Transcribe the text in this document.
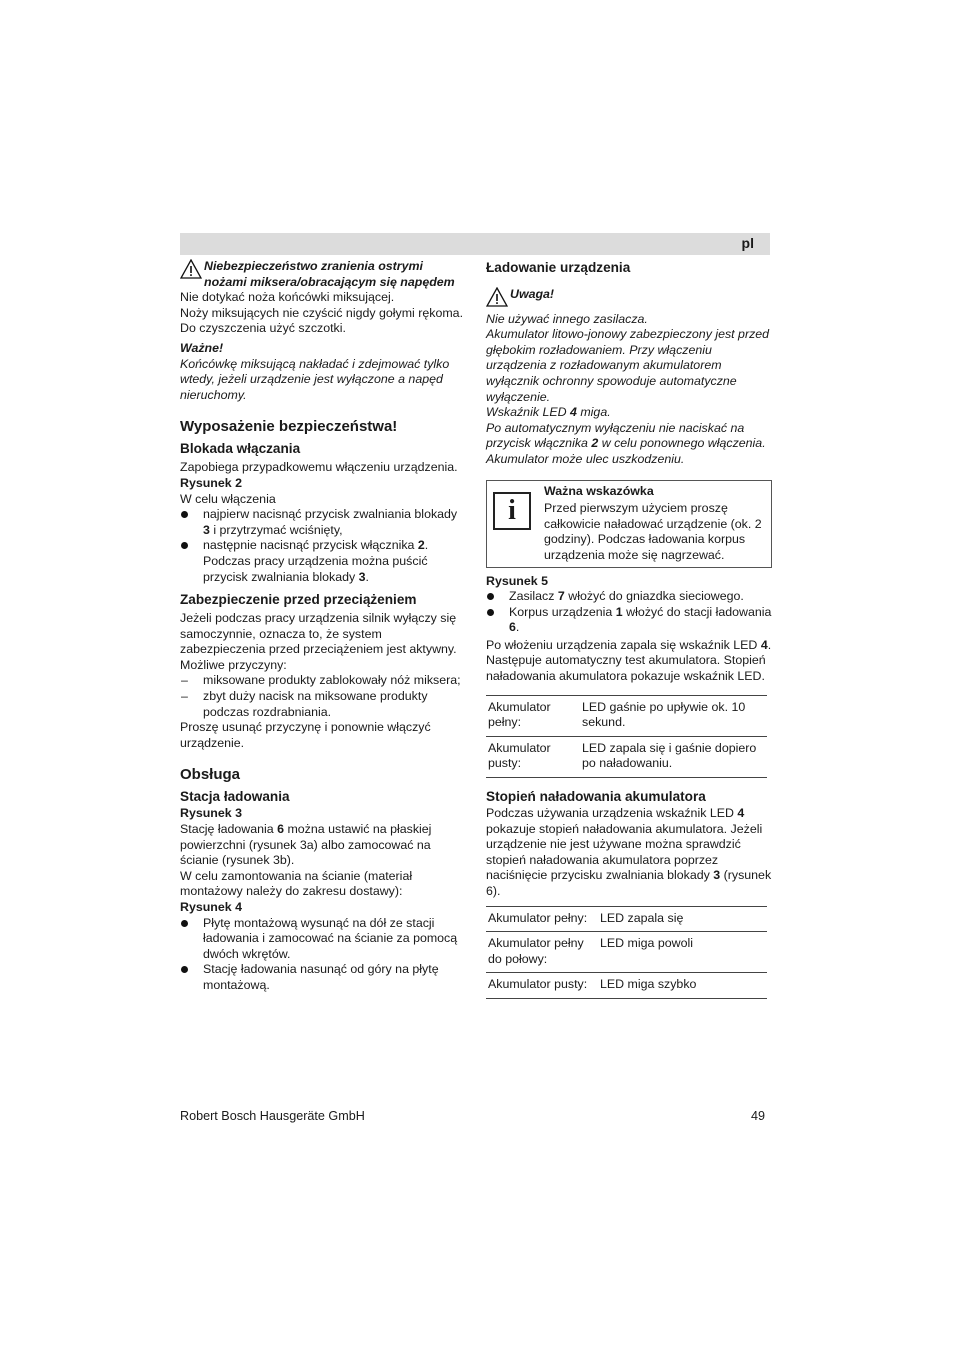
pl

Niebezpieczeństwo zranienia ostrymi nożami miksera/obracającym się napędem

Nie dotykać noża końcówki miksującej.

Noży miksujących nie czyścić nigdy gołymi rękoma. Do czyszczenia użyć szczotki.

Ważne!

Końcówkę miksującą nakładać i zdejmować tylko wtedy, jeżeli urządzenie jest wyłączone a napęd nieruchomy.

Wyposażenie bezpieczeństwa!
Blokada włączania

Zapobiega przypadkowemu włączeniu urządzenia.

Rysunek 2

W celu włączenia

najpierw nacisnąć przycisk zwalniania blokady 3 i przytrzymać wciśnięty,
następnie nacisnąć przycisk włącznika 2. Podczas pracy urządzenia można puścić przycisk zwalniania blokady 3.
Zabezpieczenie przed przeciążeniem

Jeżeli podczas pracy urządzenia silnik wyłączy się samoczynnie, oznacza to, że system zabezpieczenia przed przeciążeniem jest aktywny.

Możliwe przyczyny:

– miksowane produkty zablokowały nóż miksera;
– zbyt duży nacisk na miksowane produkty podczas rozdrabniania.

Proszę usunąć przyczynę i ponownie włączyć urządzenie.

Obsługa
Stacja ładowania

Rysunek 3

Stację ładowania 6 można ustawić na płaskiej powierzchni (rysunek 3a) albo zamocować na ścianie (rysunek 3b).

W celu zamontowania na ścianie (materiał montażowy należy do zakresu dostawy):

Rysunek 4

Płytę montażową wysunąć na dół ze stacji ładowania i zamocować na ścianie za pomocą dwóch wkrętów.
Stację ładowania nasunąć od góry na płytę montażową.
Ładowanie urządzenia

Uwaga!

Nie używać innego zasilacza.

Akumulator litowo-jonowy zabezpieczony jest przed głębokim rozładowaniem. Przy włączeniu urządzenia z rozładowanym akumulatorem wyłącznik ochronny spowoduje automatyczne wyłączenie.

Wskaźnik LED 4 miga.

Po automatycznym wyłączeniu nie naciskać na przycisk włącznika 2 w celu ponownego włączenia. Akumulator może ulec uszkodzeniu.

i

Ważna wskazówka

Przed pierwszym użyciem proszę całkowicie naładować urządzenie (ok. 2 godziny). Podczas ładowania korpus urządzenia może się nagrzewać.

Rysunek 5

Zasilacz 7 włożyć do gniazdka sieciowego.
Korpus urządzenia 1 włożyć do stacji ładowania 6.

Po włożeniu urządzenia zapala się wskaźnik LED 4. Następuje automatyczny test akumulatora. Stopień naładowania akumulatora pokazuje wskaźnik LED.

Akumulator pełny:	LED gaśnie po upływie ok. 10 sekund.
Akumulator pusty:	LED zapala się i gaśnie dopiero po naładowaniu.
Stopień naładowania akumulatora

Podczas używania urządzenia wskaźnik LED 4 pokazuje stopień naładowania akumulatora. Jeżeli urządzenie nie jest używane można sprawdzić stopień naładowania akumulatora poprzez naciśnięcie przycisku zwalniania blokady 3 (rysunek 6).

Akumulator pełny:	LED zapala się
Akumulator pełny do połowy:	LED miga powoli
Akumulator pusty:	LED miga szybko
Robert Bosch Hausgeräte GmbH	49
